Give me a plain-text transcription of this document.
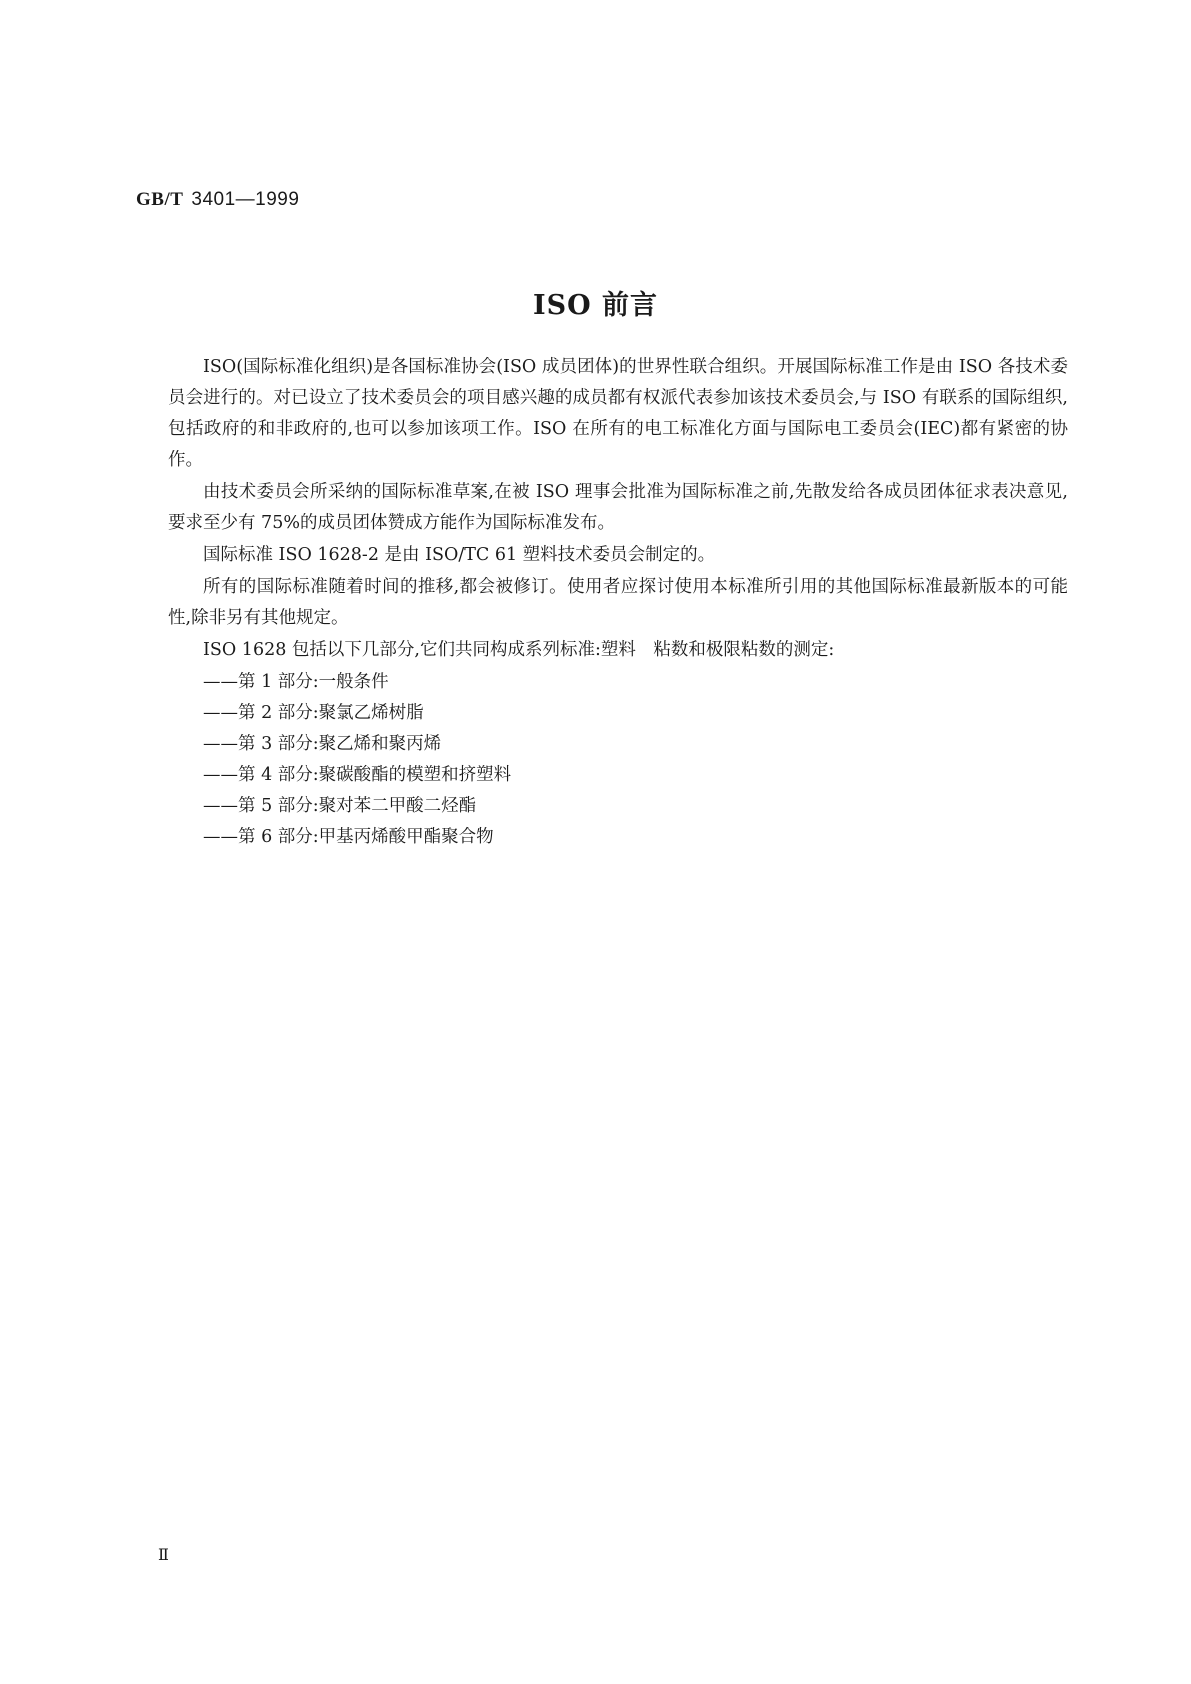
GB/T 3401—1999
ISO 前言

ISO(国际标准化组织)是各国标准协会(ISO 成员团体)的世界性联合组织。开展国际标准工作是由 ISO 各技术委员会进行的。对已设立了技术委员会的项目感兴趣的成员都有权派代表参加该技术委员会,与 ISO 有联系的国际组织,包括政府的和非政府的,也可以参加该项工作。ISO 在所有的电工标准化方面与国际电工委员会(IEC)都有紧密的协作。

由技术委员会所采纳的国际标准草案,在被 ISO 理事会批准为国际标准之前,先散发给各成员团体征求表决意见,要求至少有 75%的成员团体赞成方能作为国际标准发布。

国际标准 ISO 1628-2 是由 ISO/TC 61 塑料技术委员会制定的。

所有的国际标准随着时间的推移,都会被修订。使用者应探讨使用本标准所引用的其他国际标准最新版本的可能性,除非另有其他规定。

ISO 1628 包括以下几部分,它们共同构成系列标准:塑料　粘数和极限粘数的测定:

——第 1 部分:一般条件

——第 2 部分:聚氯乙烯树脂

——第 3 部分:聚乙烯和聚丙烯

——第 4 部分:聚碳酸酯的模塑和挤塑料

——第 5 部分:聚对苯二甲酸二烃酯

——第 6 部分:甲基丙烯酸甲酯聚合物

Ⅱ
